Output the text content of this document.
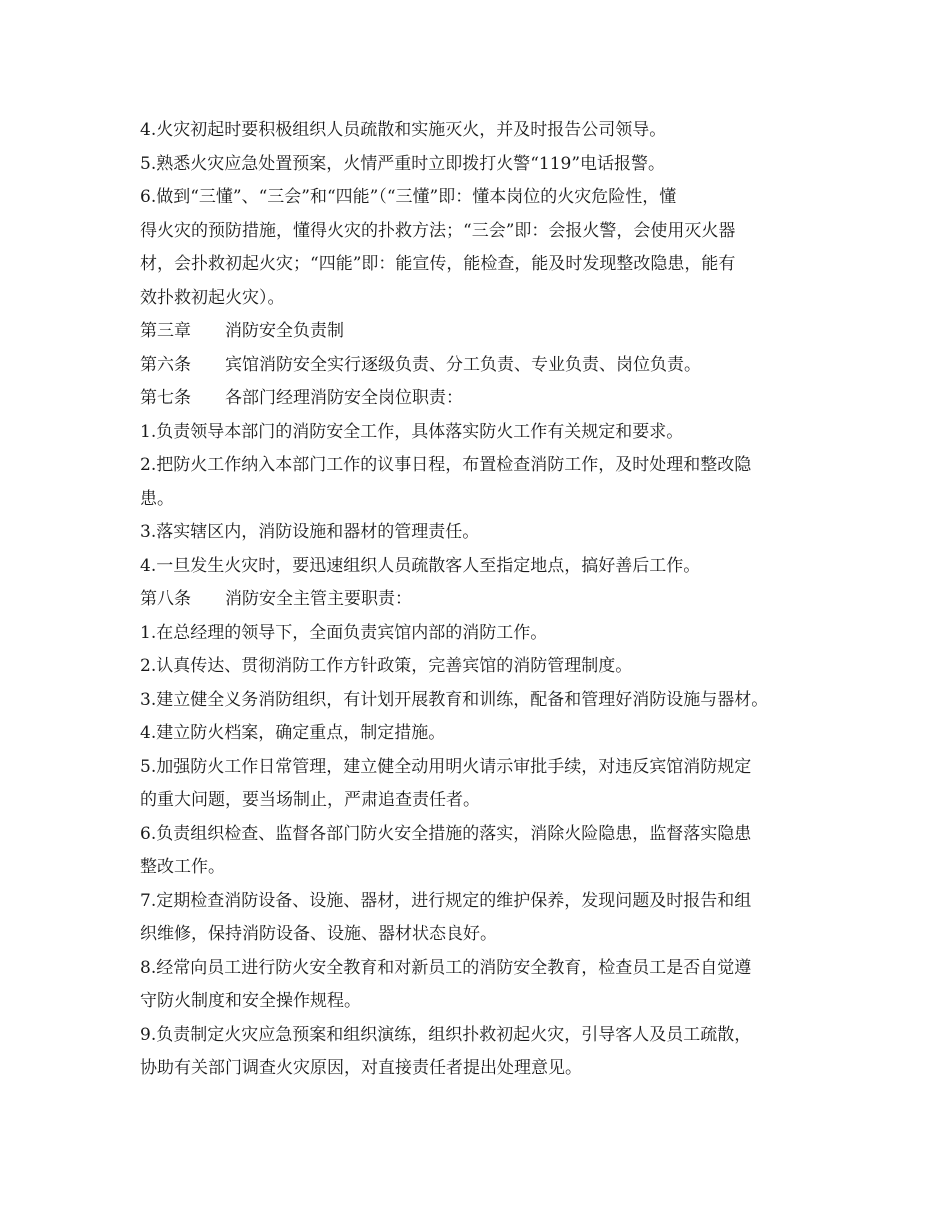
4.火灾初起时要积极组织人员疏散和实施灭火，并及时报告公司领导。
5.熟悉火灾应急处置预案，火情严重时立即拨打火警“119”电话报警。
6.做到“三懂”、“三会”和“四能”（“三懂”即：懂本岗位的火灾危险性，懂
得火灾的预防措施，懂得火灾的扑救方法；“三会”即：会报火警，会使用灭火器
材，会扑救初起火灾；“四能”即：能宣传，能检查，能及时发现整改隐患，能有
效扑救初起火灾）。
第三章　　消防安全负责制
第六条　　宾馆消防安全实行逐级负责、分工负责、专业负责、岗位负责。
第七条　　各部门经理消防安全岗位职责：
1.负责领导本部门的消防安全工作，具体落实防火工作有关规定和要求。
2.把防火工作纳入本部门工作的议事日程，布置检查消防工作，及时处理和整改隐
患。
3.落实辖区内，消防设施和器材的管理责任。
4.一旦发生火灾时，要迅速组织人员疏散客人至指定地点，搞好善后工作。
第八条　　消防安全主管主要职责：
1.在总经理的领导下，全面负责宾馆内部的消防工作。
2.认真传达、贯彻消防工作方针政策，完善宾馆的消防管理制度。
3.建立健全义务消防组织，有计划开展教育和训练，配备和管理好消防设施与器材。
4.建立防火档案，确定重点，制定措施。
5.加强防火工作日常管理，建立健全动用明火请示审批手续，对违反宾馆消防规定
的重大问题，要当场制止，严肃追查责任者。
6.负责组织检查、监督各部门防火安全措施的落实，消除火险隐患，监督落实隐患
整改工作。
7.定期检查消防设备、设施、器材，进行规定的维护保养，发现问题及时报告和组
织维修，保持消防设备、设施、器材状态良好。
8.经常向员工进行防火安全教育和对新员工的消防安全教育，检查员工是否自觉遵
守防火制度和安全操作规程。
9.负责制定火灾应急预案和组织演练，组织扑救初起火灾，引导客人及员工疏散，
协助有关部门调查火灾原因，对直接责任者提出处理意见。
